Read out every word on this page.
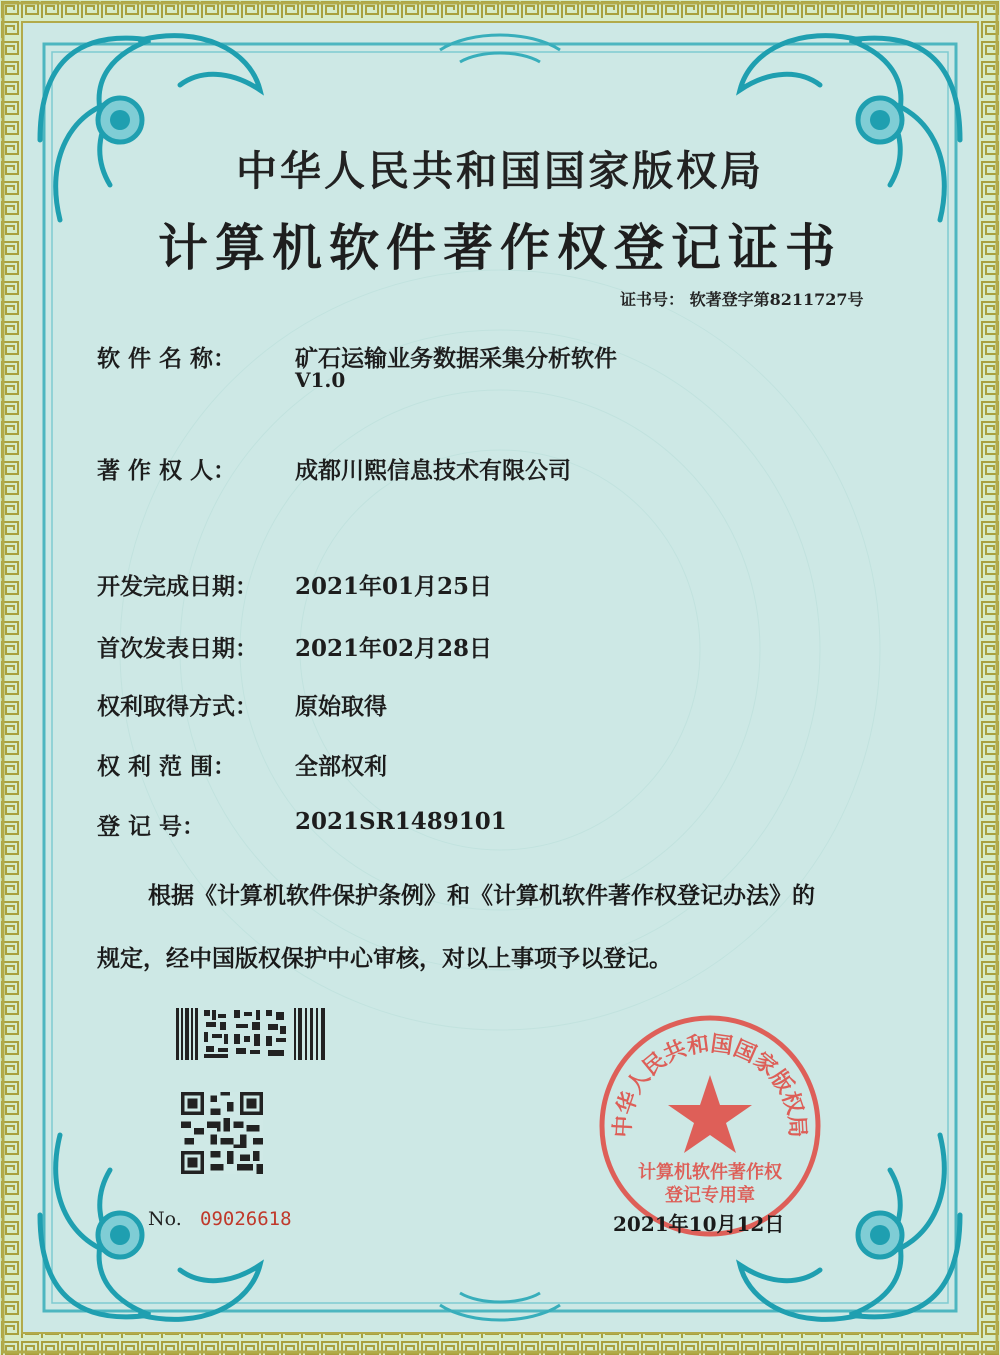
中华人民共和国国家版权局
计算机软件著作权登记证书
证书号： 软著登字第8211727号
软 件 名 称：	矿石运输业务数据采集分析软件
V1.0
著 作 权 人：	成都川熙信息技术有限公司
开发完成日期： 2021年01月25日
首次发表日期： 2021年02月28日
权利取得方式： 原始取得
权 利 范 围：	全部权利
登 记 号：	2021SR1489101
根据《计算机软件保护条例》和《计算机软件著作权登记办法》的
规定，经中国版权保护中心审核，对以上事项予以登记。
No. 09026618
中华人民共和国国家版权局
计算机软件著作权
登记专用章
2021年10月12日
